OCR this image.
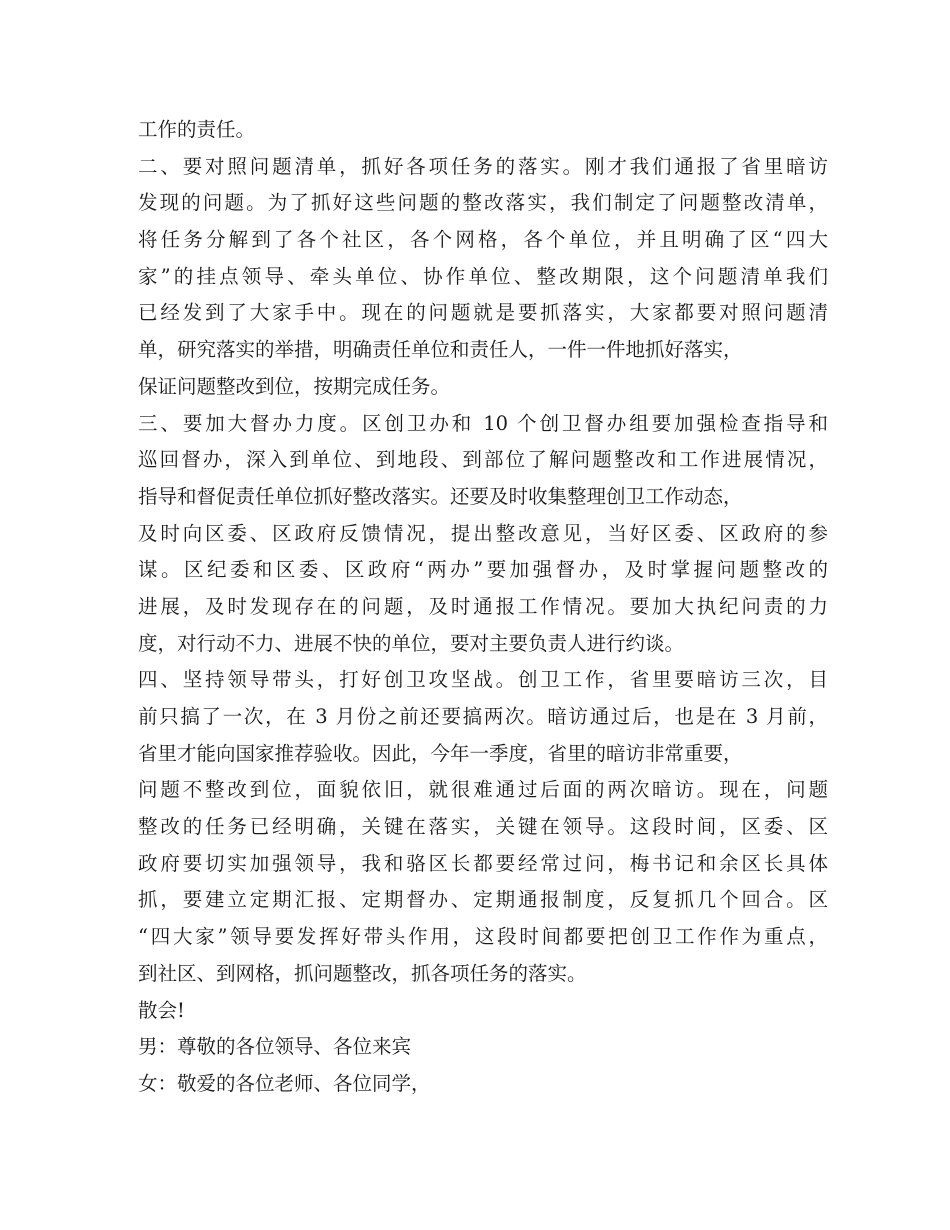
工作的责任。
二、要对照问题清单，抓好各项任务的落实。刚才我们通报了省里暗访
发现的问题。为了抓好这些问题的整改落实，我们制定了问题整改清单，
将任务分解到了各个社区，各个网格，各个单位，并且明确了区“四大
家”的挂点领导、牵头单位、协作单位、整改期限，这个问题清单我们
已经发到了大家手中。现在的问题就是要抓落实，大家都要对照问题清
单，研究落实的举措，明确责任单位和责任人，一件一件地抓好落实，
保证问题整改到位，按期完成任务。
三、要加大督办力度。区创卫办和 10 个创卫督办组要加强检查指导和
巡回督办，深入到单位、到地段、到部位了解问题整改和工作进展情况，
指导和督促责任单位抓好整改落实。还要及时收集整理创卫工作动态，
及时向区委、区政府反馈情况，提出整改意见，当好区委、区政府的参
谋。区纪委和区委、区政府“两办”要加强督办，及时掌握问题整改的
进展，及时发现存在的问题，及时通报工作情况。要加大执纪问责的力
度，对行动不力、进展不快的单位，要对主要负责人进行约谈。
四、坚持领导带头，打好创卫攻坚战。创卫工作，省里要暗访三次，目
前只搞了一次，在 3 月份之前还要搞两次。暗访通过后，也是在 3 月前，
省里才能向国家推荐验收。因此，今年一季度，省里的暗访非常重要，
问题不整改到位，面貌依旧，就很难通过后面的两次暗访。现在，问题
整改的任务已经明确，关键在落实，关键在领导。这段时间，区委、区
政府要切实加强领导，我和骆区长都要经常过问，梅书记和余区长具体
抓，要建立定期汇报、定期督办、定期通报制度，反复抓几个回合。区
“四大家”领导要发挥好带头作用，这段时间都要把创卫工作作为重点，
到社区、到网格，抓问题整改，抓各项任务的落实。
散会!
男：尊敬的各位领导、各位来宾
女：敬爱的各位老师、各位同学，
